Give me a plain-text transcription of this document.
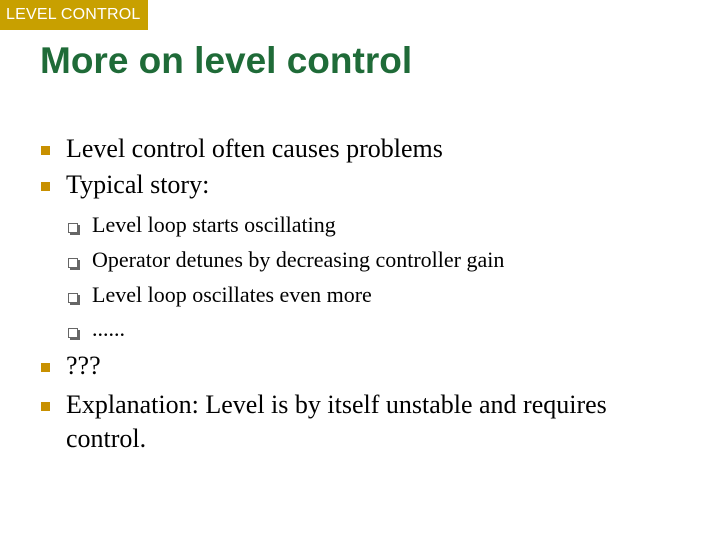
LEVEL CONTROL
More on level control
Level control often causes problems
Typical story:
Level loop starts oscillating
Operator detunes by decreasing controller gain
Level loop oscillates even more
......
???
Explanation: Level is by itself unstable and requires
control.
